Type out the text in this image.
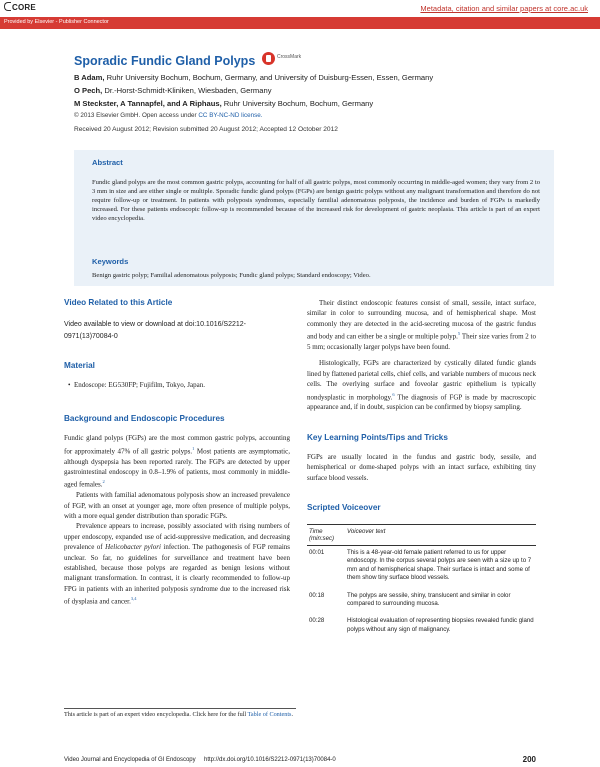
CORE	Metadata, citation and similar papers at core.ac.uk
Provided by Elsevier - Publisher Connector
Sporadic Fundic Gland Polyps	CrossMark
B Adam, Ruhr University Bochum, Bochum, Germany, and University of Duisburg-Essen, Essen, Germany
O Pech, Dr.-Horst-Schmidt-Kliniken, Wiesbaden, Germany
M Steckster, A Tannapfel, and A Riphaus, Ruhr University Bochum, Bochum, Germany
© 2013 Elsevier GmbH. Open access under CC BY-NC-ND license.
Received 20 August 2012; Revision submitted 20 August 2012; Accepted 12 October 2012
Abstract
Fundic gland polyps are the most common gastric polyps, accounting for half of all gastric polyps, most commonly occurring in middle-aged women; they vary from 2 to 3 mm in size and are either single or multiple. Sporadic fundic gland polyps (FGPs) are benign gastric polyps without any malignant transformation and therefore do not require follow-up or treatment. In patients with polyposis syndromes, especially familial adenomatous polyposis, the incidence and burden of FGPs is markedly increased. For these patients endoscopic follow-up is recommended because of the increased risk for development of gastric neoplasia. This article is part of an expert video encyclopedia.
Keywords
Benign gastric polyp; Familial adenomatous polyposis; Fundic gland polyps; Standard endoscopy; Video.
Video Related to this Article
Video available to view or download at doi:10.1016/S2212-0971(13)70084-0
Material
•  Endoscope: EG530FP; Fujifilm, Tokyo, Japan.
Background and Endoscopic Procedures
Fundic gland polyps (FGPs) are the most common gastric polyps, accounting for approximately 47% of all gastric polyps.$^1$ Most patients are asymptomatic, although dyspepsia has been reported rarely. The FGPs are detected by upper gastrointestinal endoscopy in 0.8–1.9% of patients, most commonly in middle-aged females.$^2$
Patients with familial adenomatous polyposis show an increased prevalence of FGP, with an onset at younger age, more often presence of multiple polyps, with a more equal gender distribution than sporadic FGPs.
Prevalence appears to increase, possibly associated with rising numbers of upper endoscopy, expanded use of acid-suppressive medication, and decreasing prevalence of Helicobacter pylori infection. The pathogenesis of FGP remains unclear. So far, no guidelines for surveillance and treatment have been established, because those polyps are regarded as benign lesions without malignant transformation. In contrast, it is clearly recommended to follow-up FPG in patients with an inherited polyposis syndrome due to the increased risk of dysplasia and cancer.$^{3,4}$
This article is part of an expert video encyclopedia. Click here for the full Table of Contents.
Their distinct endoscopic features consist of small, sessile, intact surface, similar in color to surrounding mucosa, and of hemispherical shape. Most commonly they are detected in the acid-secreting mucosa of the gastric fundus and body and can either be a single or multiple polyp.$^5$ Their size varies from 2 to 5 mm; occasionally larger polyps have been found.
Histologically, FGPs are characterized by cystically dilated fundic glands lined by flattened parietal cells, chief cells, and variable numbers of mucous neck cells. The overlying surface and foveolar gastric epithelium is typically nondysplastic in morphology.$^6$ The diagnosis of FGP is made by macroscopic appearance and, if in doubt, suspicion can be confirmed by biopsy sampling.
Key Learning Points/Tips and Tricks
FGPs are usually located in the fundus and gastric body, sessile, and hemispherical or dome-shaped polyps with an intact surface, exhibiting tiny surface blood vessels.
Scripted Voiceover
Time (min:sec)	Voiceover text
00:01	This is a 48-year-old female patient referred to us for upper endoscopy. In the corpus several polyps are seen with a size up to 7 mm and of hemispherical shape. Their surface is intact and some of them show tiny surface blood vessels.
00:18	The polyps are sessile, shiny, translucent and similar in color compared to surrounding mucosa.
00:28	Histological evaluation of representing biopsies revealed fundic gland polyps without any sign of malignancy.
Video Journal and Encyclopedia of GI Endoscopy http://dx.doi.org/10.1016/S2212-0971(13)70084-0	200
